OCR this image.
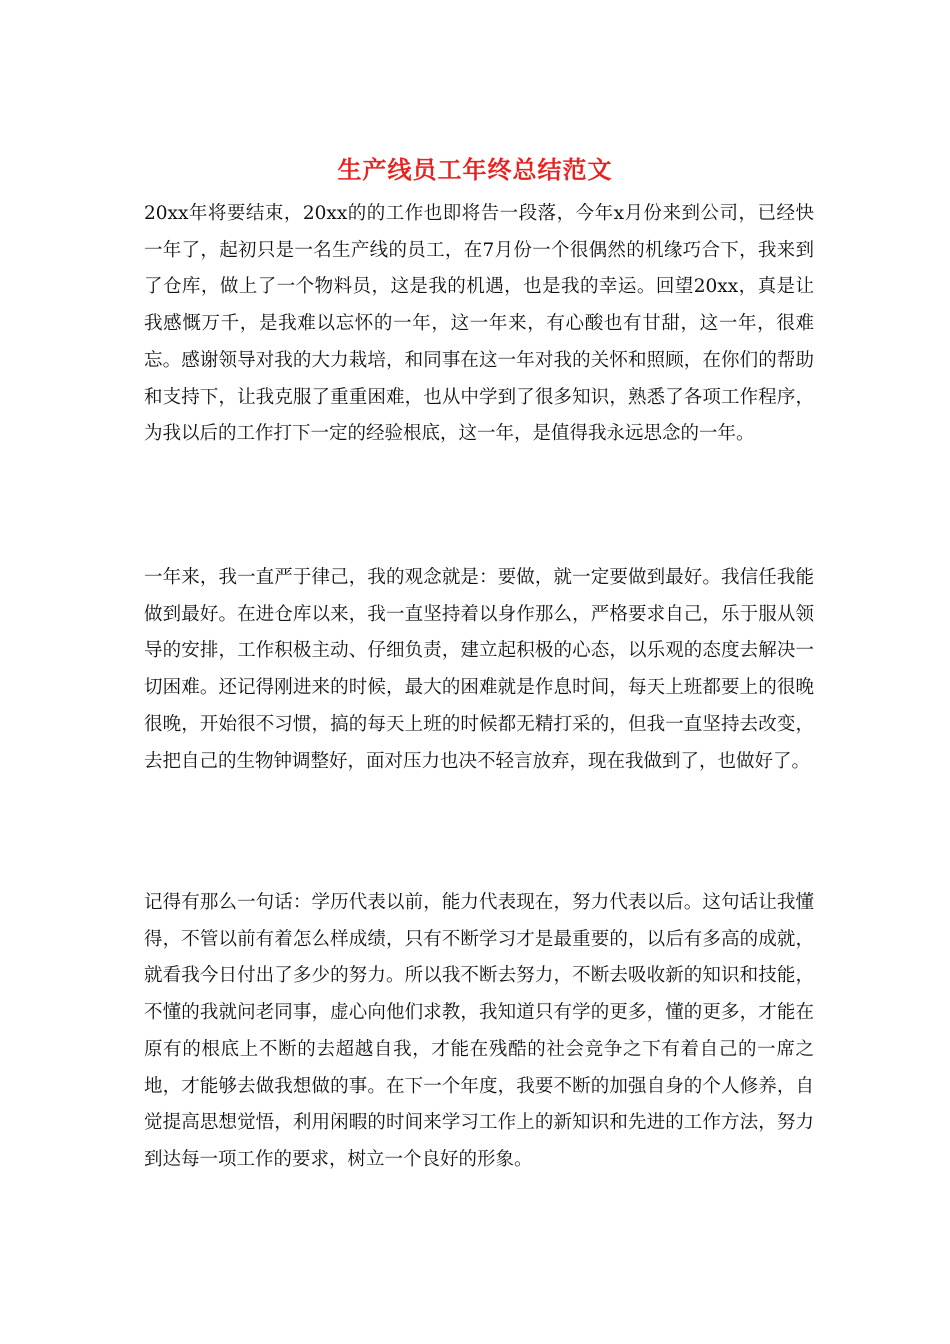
生产线员工年终总结范文

20xx年将要结束，20xx的的工作也即将告一段落，今年x月份来到公司，已经快一年了，起初只是一名生产线的员工，在7月份一个很偶然的机缘巧合下，我来到了仓库，做上了一个物料员，这是我的机遇，也是我的幸运。回望20xx，真是让我感慨万千，是我难以忘怀的一年，这一年来，有心酸也有甘甜，这一年，很难忘。感谢领导对我的大力栽培，和同事在这一年对我的关怀和照顾，在你们的帮助和支持下，让我克服了重重困难，也从中学到了很多知识，熟悉了各项工作程序，为我以后的工作打下一定的经验根底，这一年，是值得我永远思念的一年。

一年来，我一直严于律己，我的观念就是：要做，就一定要做到最好。我信任我能做到最好。在进仓库以来，我一直坚持着以身作那么，严格要求自己，乐于服从领导的安排，工作积极主动、仔细负责，建立起积极的心态，以乐观的态度去解决一切困难。还记得刚进来的时候，最大的困难就是作息时间，每天上班都要上的很晚很晚，开始很不习惯，搞的每天上班的时候都无精打采的，但我一直坚持去改变，去把自己的生物钟调整好，面对压力也决不轻言放弃，现在我做到了，也做好了。

记得有那么一句话：学历代表以前，能力代表现在，努力代表以后。这句话让我懂得，不管以前有着怎么样成绩，只有不断学习才是最重要的，以后有多高的成就，就看我今日付出了多少的努力。所以我不断去努力，不断去吸收新的知识和技能，不懂的我就问老同事，虚心向他们求教，我知道只有学的更多，懂的更多，才能在原有的根底上不断的去超越自我，才能在残酷的社会竞争之下有着自己的一席之地，才能够去做我想做的事。在下一个年度，我要不断的加强自身的个人修养，自觉提高思想觉悟，利用闲暇的时间来学习工作上的新知识和先进的工作方法，努力到达每一项工作的要求，树立一个良好的形象。
